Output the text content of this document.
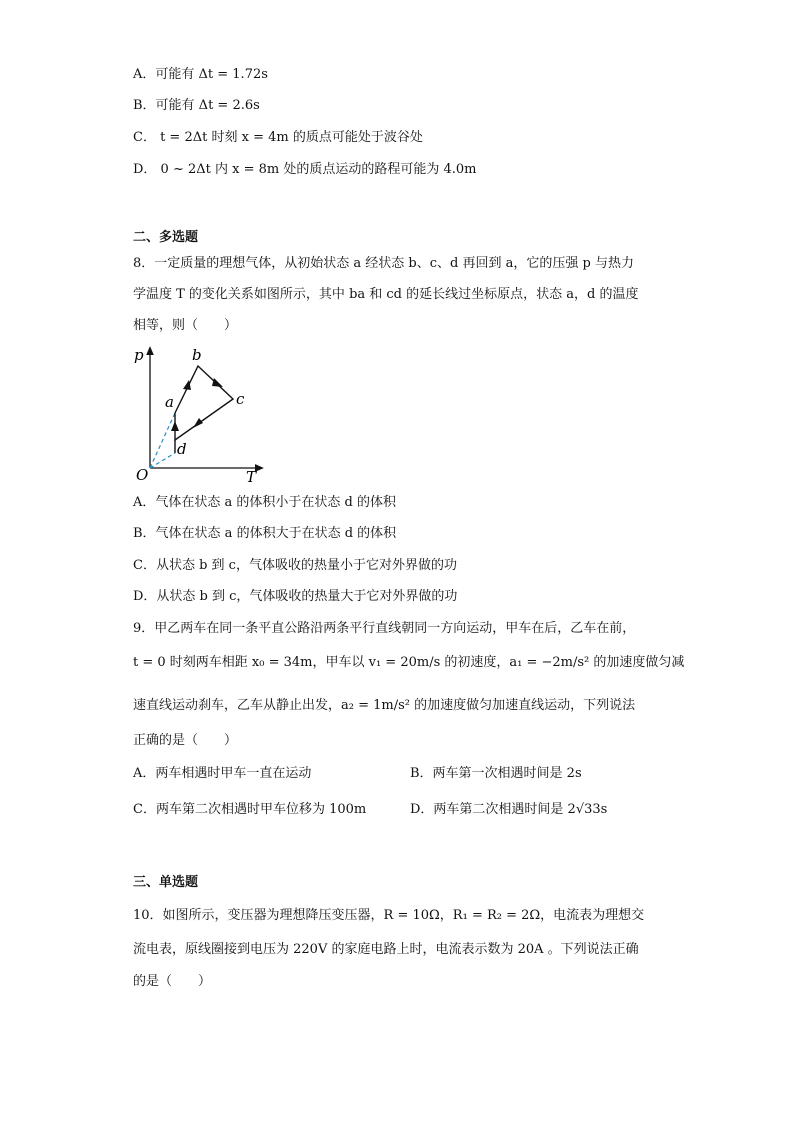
A．可能有 Δt = 1.72s
B．可能有 Δt = 2.6s
C． t = 2Δt 时刻 x = 4m 的质点可能处于波谷处
D． 0 ~ 2Δt 内 x = 8m 处的质点运动的路程可能为 4.0m
二、多选题
8．一定质量的理想气体，从初始状态 a 经状态 b、c、d 再回到 a，它的压强 p 与热力
学温度 T 的变化关系如图所示，其中 ba 和 cd 的延长线过坐标原点，状态 a，d 的温度
相等，则（　　）
p	b
a	c
d
O	T
A．气体在状态 a 的体积小于在状态 d 的体积
B．气体在状态 a 的体积大于在状态 d 的体积
C．从状态 b 到 c，气体吸收的热量小于它对外界做的功
D．从状态 b 到 c，气体吸收的热量大于它对外界做的功
9．甲乙两车在同一条平直公路沿两条平行直线朝同一方向运动，甲车在后，乙车在前，
t = 0 时刻两车相距 x₀ = 34m，甲车以 v₁ = 20m/s 的初速度，a₁ = −2m/s² 的加速度做匀减
速直线运动刹车，乙车从静止出发，a₂ = 1m/s² 的加速度做匀加速直线运动，下列说法
正确的是（　　）
A．两车相遇时甲车一直在运动	B．两车第一次相遇时间是 2s
C．两车第二次相遇时甲车位移为 100m	D．两车第二次相遇时间是 2√33s
三、单选题
10．如图所示，变压器为理想降压变压器，R = 10Ω，R₁ = R₂ = 2Ω，电流表为理想交
流电表，原线圈接到电压为 220V 的家庭电路上时，电流表示数为 20A 。下列说法正确
的是（　　）
